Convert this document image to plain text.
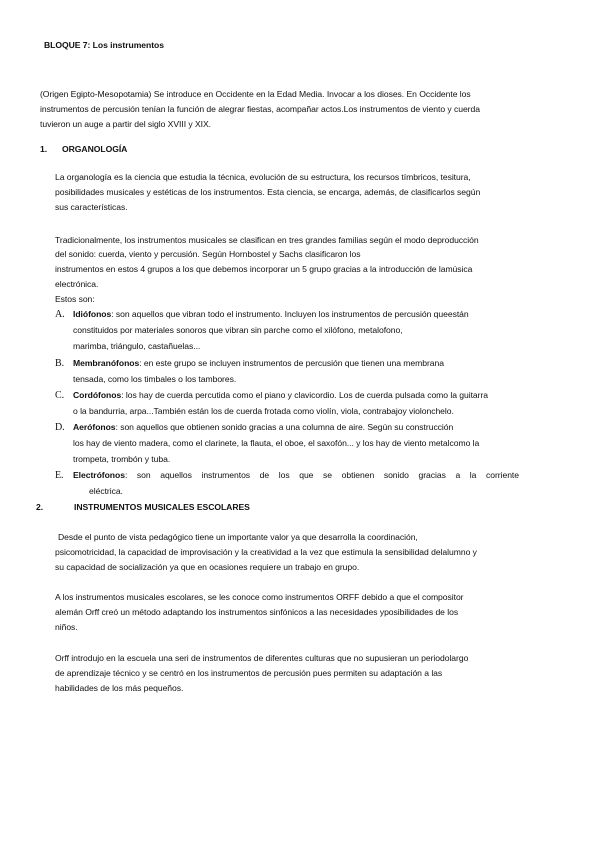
BLOQUE 7: Los instrumentos
(Origen Egipto-Mesopotamia) Se introduce en Occidente en la Edad Media. Invocar a los dioses. En Occidente los
instrumentos de percusión tenían la función de alegrar fiestas, acompañar actos.Los instrumentos de viento y cuerda
tuvieron un auge a partir del siglo XVIII y XIX.
1. ORGANOLOGÍA
La organología es la ciencia que estudia la técnica, evolución de su estructura, los recursos tímbricos, tesitura,
posibilidades musicales y estéticas de los instrumentos. Esta ciencia, se encarga, además, de clasificarlos según
sus características.
Tradicionalmente, los instrumentos musicales se clasifican en tres grandes familias según el modo deproducción
del sonido: cuerda, viento y percusión. Según Hornbostel y Sachs clasificaron los
instrumentos en estos 4 grupos a los que debemos incorporar un 5 grupo gracias a la introducción de lamúsica
electrónica.
Estos son:
A. Idiófonos: son aquellos que vibran todo el instrumento. Incluyen los instrumentos de percusión queestán
constituidos por materiales sonoros que vibran sin parche como el xilófono, metalofono,
marimba, triángulo, castañuelas...
B. Membranófonos: en este grupo se incluyen instrumentos de percusión que tienen una membrana
tensada, como los timbales o los tambores.
C. Cordófonos: los hay de cuerda percutida como el piano y clavicordio. Los de cuerda pulsada como la guitarra
o la bandurria, arpa...También están los de cuerda frotada como violín, viola, contrabajoy violonchelo.
D. Aerófonos: son aquellos que obtienen sonido gracias a una columna de aire. Según su construcción
los hay de viento madera, como el clarinete, la flauta, el oboe, el saxofón... y los hay de viento metalcomo la
trompeta, trombón y tuba.
E. Electrófonos: son aquellos instrumentos de los que se obtienen sonido gracias a la corriente
eléctrica.
2.	INSTRUMENTOS MUSICALES ESCOLARES
Desde el punto de vista pedagógico tiene un importante valor ya que desarrolla la coordinación,
psicomotricidad, la capacidad de improvisación y la creatividad a la vez que estimula la sensibilidad delalumno y
su capacidad de socialización ya que en ocasiones requiere un trabajo en grupo.
A los instrumentos musicales escolares, se les conoce como instrumentos ORFF debido a que el compositor
alemán Orff creó un método adaptando los instrumentos sinfónicos a las necesidades yposibilidades de los
niños.
Orff introdujo en la escuela una seri de instrumentos de diferentes culturas que no supusieran un periodolargo
de aprendizaje técnico y se centró en los instrumentos de percusión pues permiten su adaptación a las
habilidades de los más pequeños.
